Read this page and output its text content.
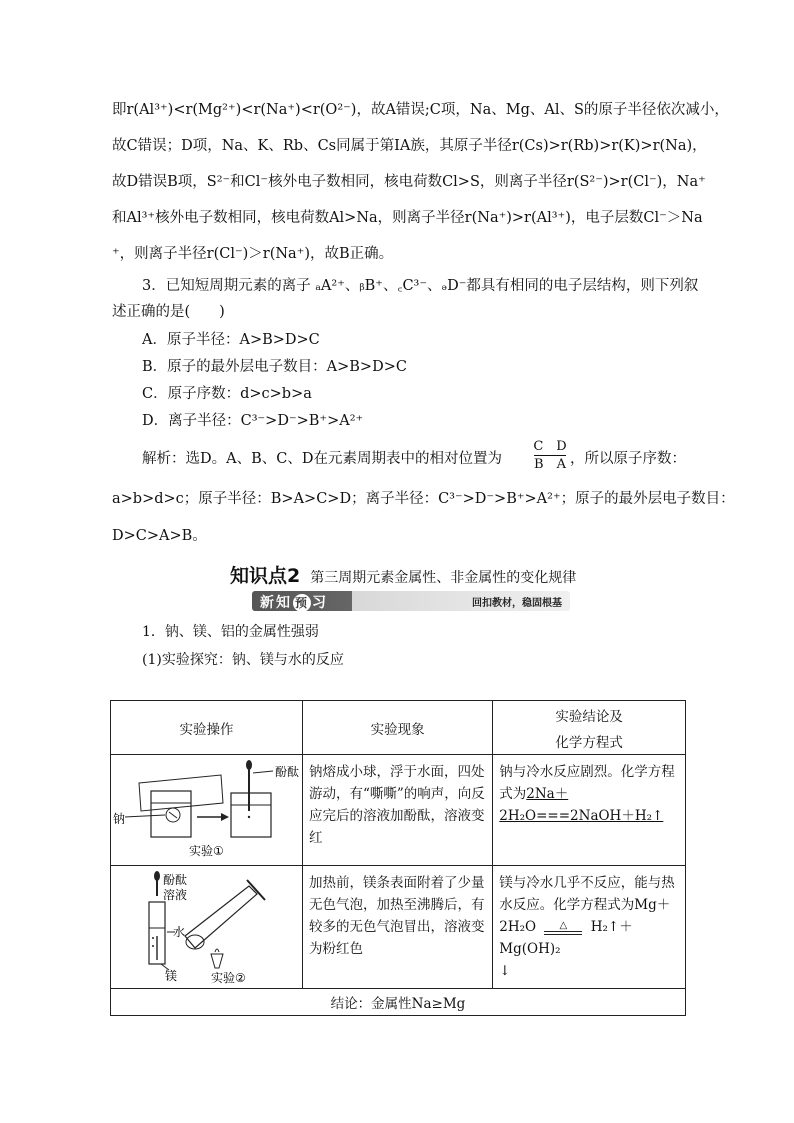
即r(Al³⁺)<r(Mg²⁺)<r(Na⁺)<r(O²⁻)，故A错误;C项，Na、Mg、Al、S的原子半径依次减小，
故C错误；D项，Na、K、Rb、Cs同属于第ⅠA族，其原子半径r(Cs)>r(Rb)>r(K)>r(Na)，
故D错误B项，S²⁻和Cl⁻核外电子数相同，核电荷数Cl>S，则离子半径r(S²⁻)>r(Cl⁻)，Na⁺
和Al³⁺核外电子数相同，核电荷数Al>Na，则离子半径r(Na⁺)>r(Al³⁺)，电子层数Cl⁻＞Na
⁺，则离子半径r(Cl⁻)＞r(Na⁺)，故B正确。
3．已知短周期元素的离子 ₐA²⁺、ᵦB⁺、꜀C³⁻、ₔD⁻都具有相同的电子层结构，则下列叙
述正确的是(　　)
A．原子半径：A>B>D>C
B．原子的最外层电子数目：A>B>D>C
C．原子序数：d>c>b>a
D．离子半径：C³⁻>D⁻>B⁺>A²⁺
解析：选D。A、B、C、D在元素周期表中的相对位置为
C　D
B　A ，所以原子序数：
a>b>d>c；原子半径：B>A>C>D；离子半径：C³⁻>D⁻>B⁺>A²⁺；原子的最外层电子数目：
D>C>A>B。
知识点2 第三周期元素金属性、非金属性的变化规律
新知 预 习	回扣教材，稳固根基
1．钠、镁、铝的金属性强弱
(1)实验探究：钠、镁与水的反应
实验操作	实验现象	实验结论及
化学方程式

酚酞
钠
实验①	钠熔成小球，浮于水面，四处游动，有“嘶嘶”的响声，向反应完后的溶液加酚酞，溶液变红	钠与冷水反应剧烈。化学方程式为2Na＋2H₂O===2NaOH＋H₂↑

酚酞
溶液
水
镁 实验②	加热前，镁条表面附着了少量无色气泡，加热至沸腾后，有较多的无色气泡冒出，溶液变为粉红色	镁与冷水几乎不反应，能与热水反应。化学方程式为Mg＋
2H₂O △ H₂↑＋Mg(OH)₂
↓

结论：金属性Na≥Mg		
